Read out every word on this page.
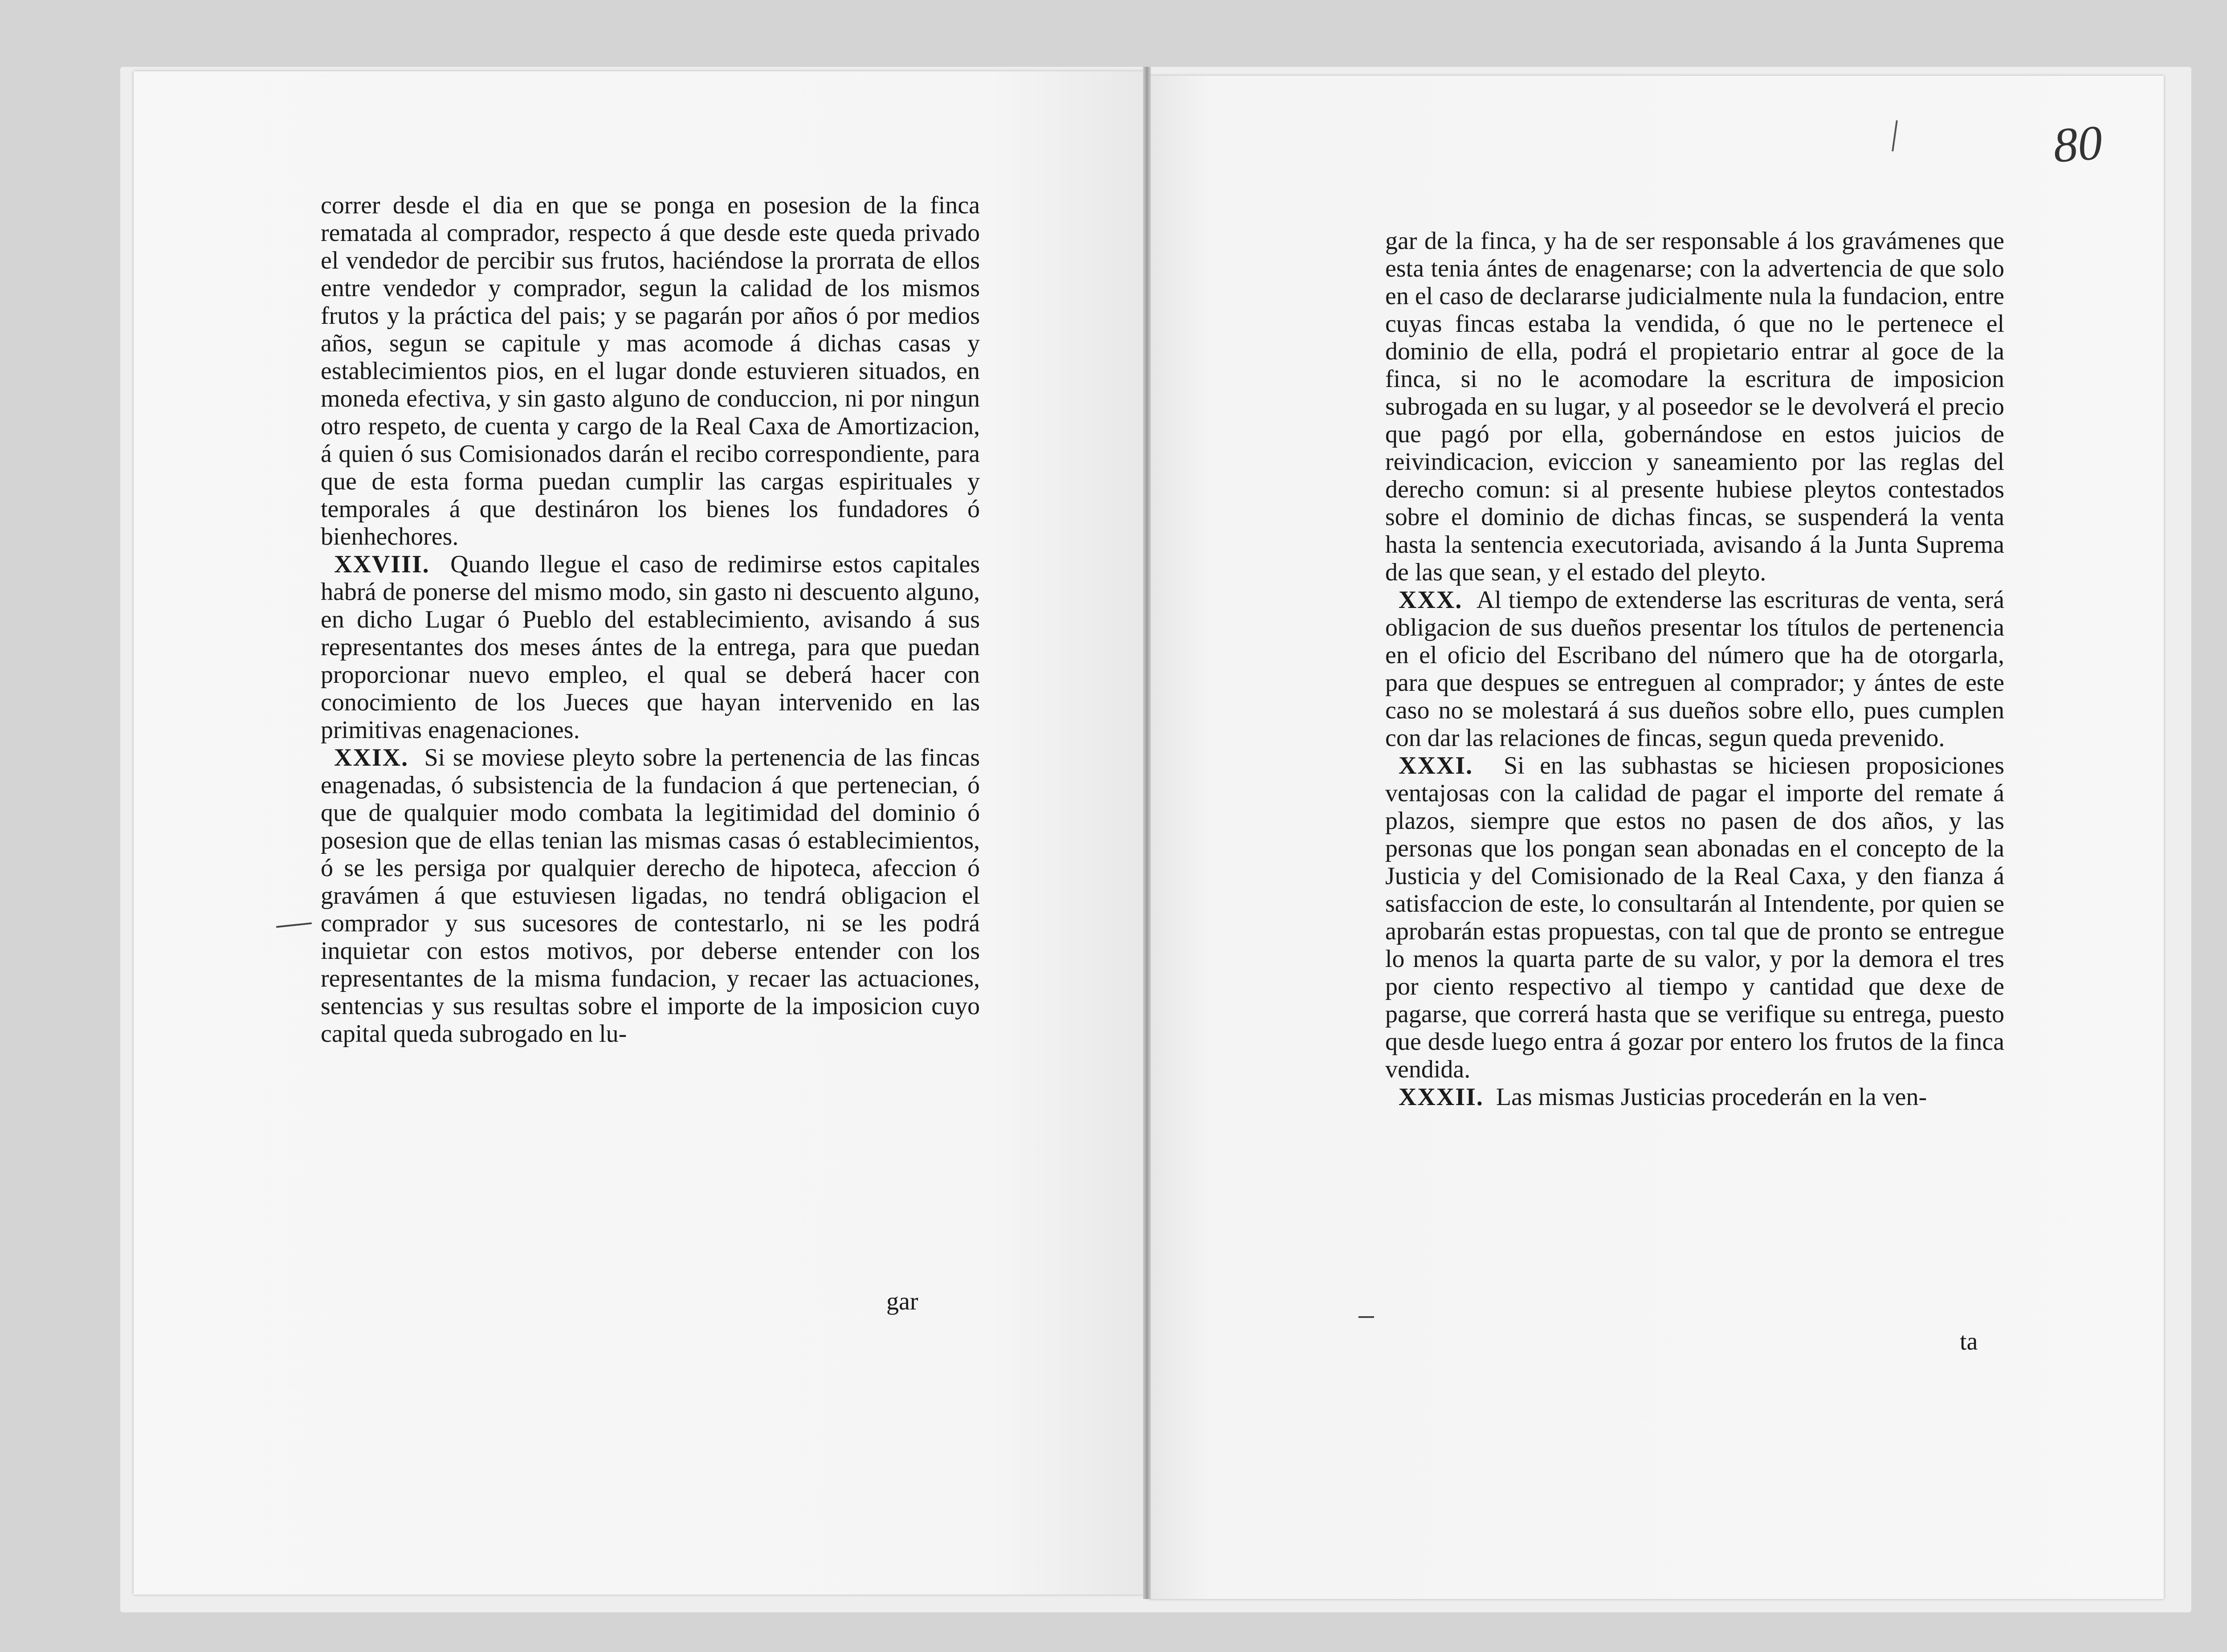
80

correr desde el dia en que se ponga en posesion de la finca rematada al comprador, respecto á que desde este queda privado el vendedor de percibir sus frutos, haciéndose la prorrata de ellos entre vendedor y comprador, segun la calidad de los mismos frutos y la práctica del pais; y se pagarán por años ó por medios años, segun se capitule y mas acomode á dichas casas y establecimientos pios, en el lugar donde estuvieren situados, en moneda efectiva, y sin gasto alguno de conduccion, ni por ningun otro respeto, de cuenta y cargo de la Real Caxa de Amortizacion, á quien ó sus Comisionados darán el recibo correspondiente, para que de esta forma puedan cumplir las cargas espirituales y temporales á que destináron los bienes los fundadores ó bienhechores.

XXVIII. Quando llegue el caso de redimirse estos capitales habrá de ponerse del mismo modo, sin gasto ni descuento alguno, en dicho Lugar ó Pueblo del establecimiento, avisando á sus representantes dos meses ántes de la entrega, para que puedan proporcionar nuevo empleo, el qual se deberá hacer con conocimiento de los Jueces que hayan intervenido en las primitivas enagenaciones.

XXIX. Si se moviese pleyto sobre la pertenencia de las fincas enagenadas, ó subsistencia de la fundacion á que pertenecian, ó que de qualquier modo combata la legitimidad del dominio ó posesion que de ellas tenian las mismas casas ó establecimientos, ó se les persiga por qualquier derecho de hipoteca, afeccion ó gravámen á que estuviesen ligadas, no tendrá obligacion el comprador y sus sucesores de contestarlo, ni se les podrá inquietar con estos motivos, por deberse entender con los representantes de la misma fundacion, y recaer las actuaciones, sentencias y sus resultas sobre el importe de la imposicion cuyo capital queda subrogado en lu-

gar

gar de la finca, y ha de ser responsable á los gravámenes que esta tenia ántes de enagenarse; con la advertencia de que solo en el caso de declararse judicialmente nula la fundacion, entre cuyas fincas estaba la vendida, ó que no le pertenece el dominio de ella, podrá el propietario entrar al goce de la finca, si no le acomodare la escritura de imposicion subrogada en su lugar, y al poseedor se le devolverá el precio que pagó por ella, gobernándose en estos juicios de reivindicacion, eviccion y saneamiento por las reglas del derecho comun: si al presente hubiese pleytos contestados sobre el dominio de dichas fincas, se suspenderá la venta hasta la sentencia executoriada, avisando á la Junta Suprema de las que sean, y el estado del pleyto.

XXX. Al tiempo de extenderse las escrituras de venta, será obligacion de sus dueños presentar los títulos de pertenencia en el oficio del Escribano del número que ha de otorgarla, para que despues se entreguen al comprador; y ántes de este caso no se molestará á sus dueños sobre ello, pues cumplen con dar las relaciones de fincas, segun queda prevenido.

XXXI. Si en las subhastas se hiciesen proposiciones ventajosas con la calidad de pagar el importe del remate á plazos, siempre que estos no pasen de dos años, y las personas que los pongan sean abonadas en el concepto de la Justicia y del Comisionado de la Real Caxa, y den fianza á satisfaccion de este, lo consultarán al Intendente, por quien se aprobarán estas propuestas, con tal que de pronto se entregue lo menos la quarta parte de su valor, y por la demora el tres por ciento respectivo al tiempo y cantidad que dexe de pagarse, que correrá hasta que se verifique su entrega, puesto que desde luego entra á gozar por entero los frutos de la finca vendida.

XXXII. Las mismas Justicias procederán en la ven-

ta
